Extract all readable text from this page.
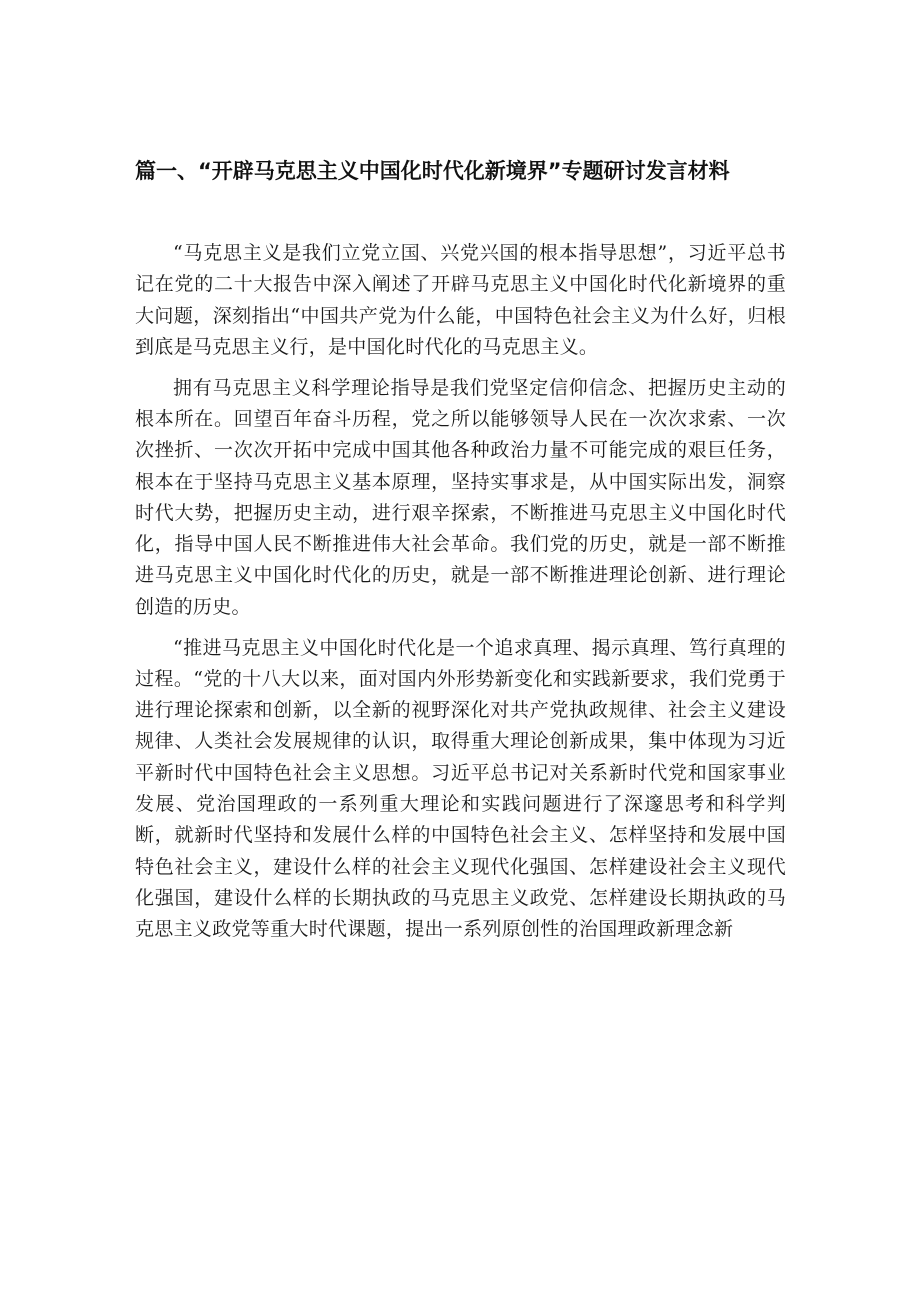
篇一、“开辟马克思主义中国化时代化新境界”专题研讨发言材料

“马克思主义是我们立党立国、兴党兴国的根本指导思想”，习近平总书记在党的二十大报告中深入阐述了开辟马克思主义中国化时代化新境界的重大问题，深刻指出“中国共产党为什么能，中国特色社会主义为什么好，归根到底是马克思主义行，是中国化时代化的马克思主义。

拥有马克思主义科学理论指导是我们党坚定信仰信念、把握历史主动的根本所在。回望百年奋斗历程，党之所以能够领导人民在一次次求索、一次次挫折、一次次开拓中完成中国其他各种政治力量不可能完成的艰巨任务，根本在于坚持马克思主义基本原理，坚持实事求是，从中国实际出发，洞察时代大势，把握历史主动，进行艰辛探索，不断推进马克思主义中国化时代化，指导中国人民不断推进伟大社会革命。我们党的历史，就是一部不断推进马克思主义中国化时代化的历史，就是一部不断推进理论创新、进行理论创造的历史。

“推进马克思主义中国化时代化是一个追求真理、揭示真理、笃行真理的过程。“党的十八大以来，面对国内外形势新变化和实践新要求，我们党勇于进行理论探索和创新，以全新的视野深化对共产党执政规律、社会主义建设规律、人类社会发展规律的认识，取得重大理论创新成果，集中体现为习近平新时代中国特色社会主义思想。习近平总书记对关系新时代党和国家事业发展、党治国理政的一系列重大理论和实践问题进行了深邃思考和科学判断，就新时代坚持和发展什么样的中国特色社会主义、怎样坚持和发展中国特色社会主义，建设什么样的社会主义现代化强国、怎样建设社会主义现代化强国，建设什么样的长期执政的马克思主义政党、怎样建设长期执政的马克思主义政党等重大时代课题，提出一系列原创性的治国理政新理念新
